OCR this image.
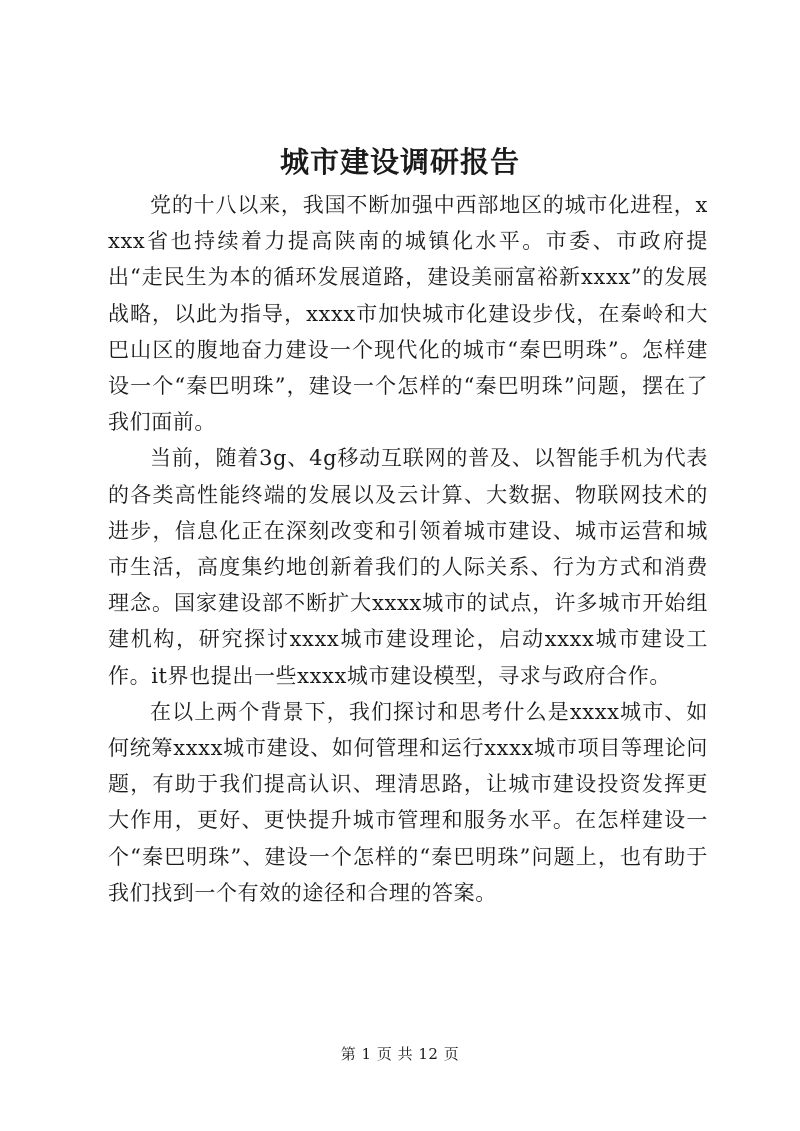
城市建设调研报告

党的十八以来，我国不断加强中西部地区的城市化进程，xxxx省也持续着力提高陕南的城镇化水平。市委、市政府提出“走民生为本的循环发展道路，建设美丽富裕新xxxx”的发展战略，以此为指导，xxxx市加快城市化建设步伐，在秦岭和大巴山区的腹地奋力建设一个现代化的城市“秦巴明珠”。怎样建设一个“秦巴明珠”，建设一个怎样的“秦巴明珠”问题，摆在了我们面前。

当前，随着3g、4g移动互联网的普及、以智能手机为代表的各类高性能终端的发展以及云计算、大数据、物联网技术的进步，信息化正在深刻改变和引领着城市建设、城市运营和城市生活，高度集约地创新着我们的人际关系、行为方式和消费理念。国家建设部不断扩大xxxx城市的试点，许多城市开始组建机构，研究探讨xxxx城市建设理论，启动xxxx城市建设工作。it界也提出一些xxxx城市建设模型，寻求与政府合作。

在以上两个背景下，我们探讨和思考什么是xxxx城市、如何统筹xxxx城市建设、如何管理和运行xxxx城市项目等理论问题，有助于我们提高认识、理清思路，让城市建设投资发挥更大作用，更好、更快提升城市管理和服务水平。在怎样建设一个“秦巴明珠”、建设一个怎样的“秦巴明珠”问题上，也有助于我们找到一个有效的途径和合理的答案。

第 1 页 共 12 页
